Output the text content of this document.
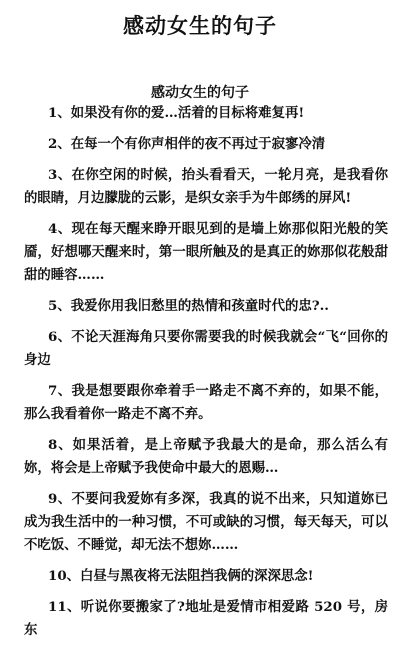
感动女生的句子
感动女生的句子

1、如果没有你的爱…活着的目标将难复再!

2、在每一个有你声相伴的夜不再过于寂寥冷清

3、在你空闲的时候，抬头看看天，一轮月亮，是我看你的眼睛，月边朦胧的云影，是织女亲手为牛郎绣的屏风!

4、现在每天醒来睁开眼见到的是墙上妳那似阳光般的笑靥，好想哪天醒来时，第一眼所触及的是真正的妳那似花般甜甜的睡容……

5、我爱你用我旧愁里的热情和孩童时代的忠?..

6、不论天涯海角只要你需要我的时候我就会“飞“回你的身边

7、我是想要跟你牵着手一路走不离不弃的，如果不能，那么我看着你一路走不离不弃。

8、如果活着，是上帝赋予我最大的是命，那么活么有妳，将会是上帝赋予我使命中最大的恩赐…

9、不要问我爱妳有多深，我真的说不出来，只知道妳已成为我生活中的一种习惯，不可或缺的习惯，每天每天，可以不吃饭、不睡觉，却无法不想妳……

10、白昼与黑夜将无法阻挡我俩的深深思念!

11、听说你要搬家了?地址是爱情市相爱路 520 号，房东
